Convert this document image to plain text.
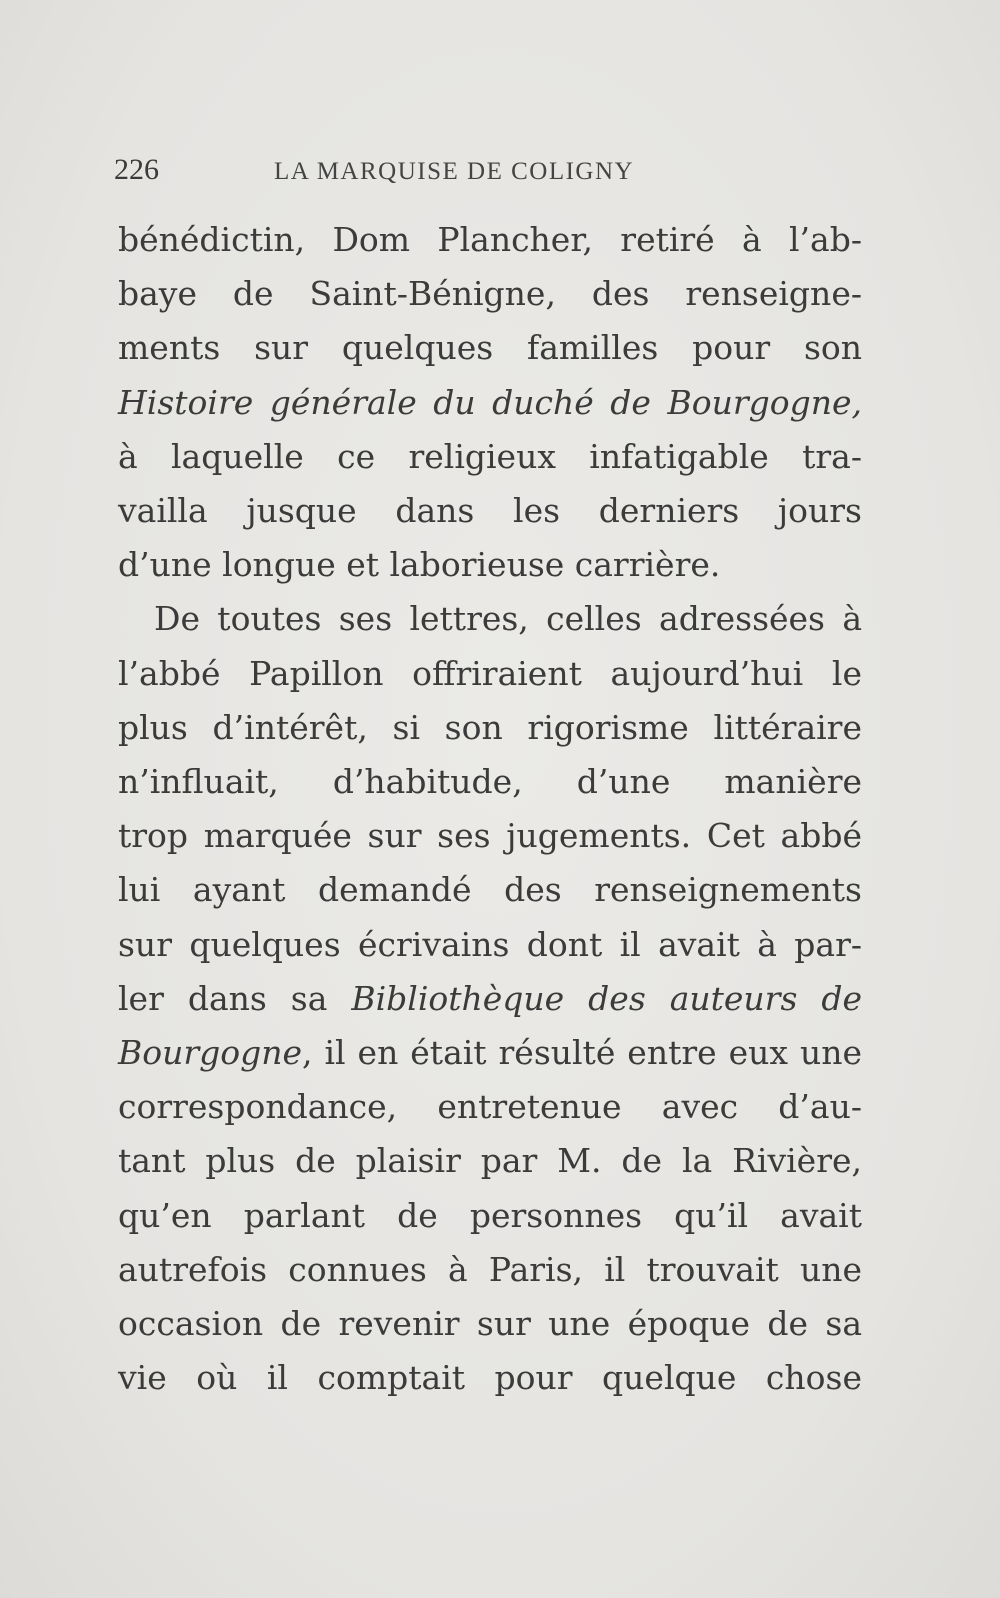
226	LA MARQUISE DE COLIGNY
bénédictin, Dom Plancher, retiré à l’ab-
baye de Saint-Bénigne, des renseigne-
ments sur quelques familles pour son
Histoire générale du duché de Bourgogne,
à laquelle ce religieux infatigable tra-
vailla jusque dans les derniers jours
d’une longue et laborieuse carrière.
De toutes ses lettres, celles adressées à
l’abbé Papillon offriraient aujourd’hui le
plus d’intérêt, si son rigorisme littéraire
n’influait, d’habitude, d’une manière
trop marquée sur ses jugements. Cet abbé
lui ayant demandé des renseignements
sur quelques écrivains dont il avait à par-
ler dans sa Bibliothèque des auteurs de
Bourgogne, il en était résulté entre eux une
correspondance, entretenue avec d’au-
tant plus de plaisir par M. de la Rivière,
qu’en parlant de personnes qu’il avait
autrefois connues à Paris, il trouvait une
occasion de revenir sur une époque de sa
vie où il comptait pour quelque chose
